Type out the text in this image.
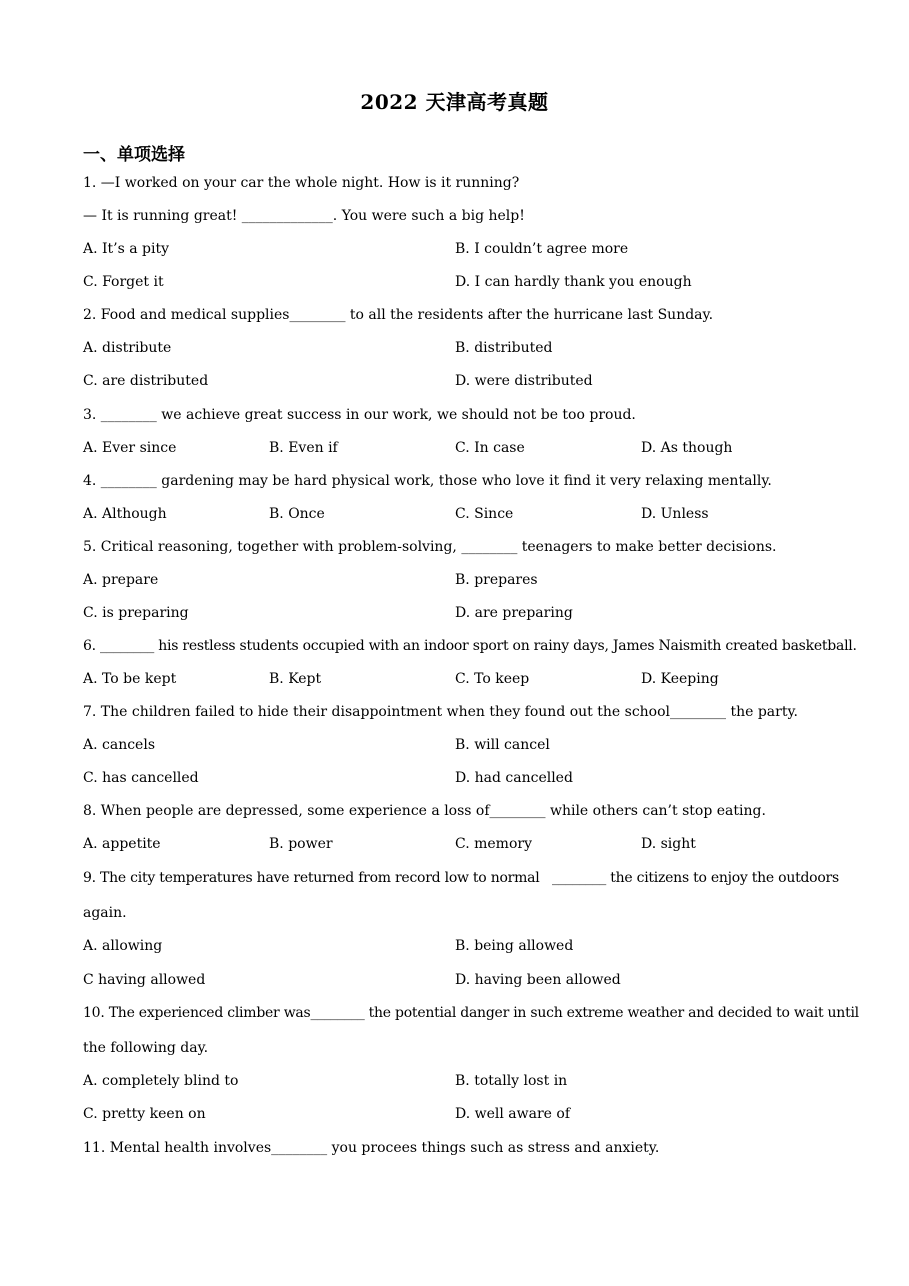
2022 天津高考真题
一、单项选择
1. —I worked on your car the whole night. How is it running?
— It is running great! _____________. You were such a big help!
A. It’s a pity	B. I couldn’t agree more
C. Forget it	D. I can hardly thank you enough
2. Food and medical supplies________ to all the residents after the hurricane last Sunday.
A. distribute	B. distributed
C. are distributed	D. were distributed
3. ________ we achieve great success in our work, we should not be too proud.
A. Ever since	B. Even if	C. In case	D. As though
4. ________ gardening may be hard physical work, those who love it find it very relaxing mentally.
A. Although	B. Once	C. Since	D. Unless
5. Critical reasoning, together with problem-solving, ________ teenagers to make better decisions.
A. prepare	B. prepares
C. is preparing	D. are preparing
6. ________ his restless students occupied with an indoor sport on rainy days, James Naismith created basketball.
A. To be kept	B. Kept	C. To keep	D. Keeping
7. The children failed to hide their disappointment when they found out the school________ the party.
A. cancels	B. will cancel
C. has cancelled	D. had cancelled
8. When people are depressed, some experience a loss of________ while others can’t stop eating.
A. appetite	B. power	C. memory	D. sight
9. The city temperatures have returned from record low to normal   ________ the citizens to enjoy the outdoors
again.
A. allowing	B. being allowed
C having allowed	D. having been allowed
10. The experienced climber was________ the potential danger in such extreme weather and decided to wait until
the following day.
A. completely blind to	B. totally lost in
C. pretty keen on	D. well aware of
11. Mental health involves________ you procees things such as stress and anxiety.
